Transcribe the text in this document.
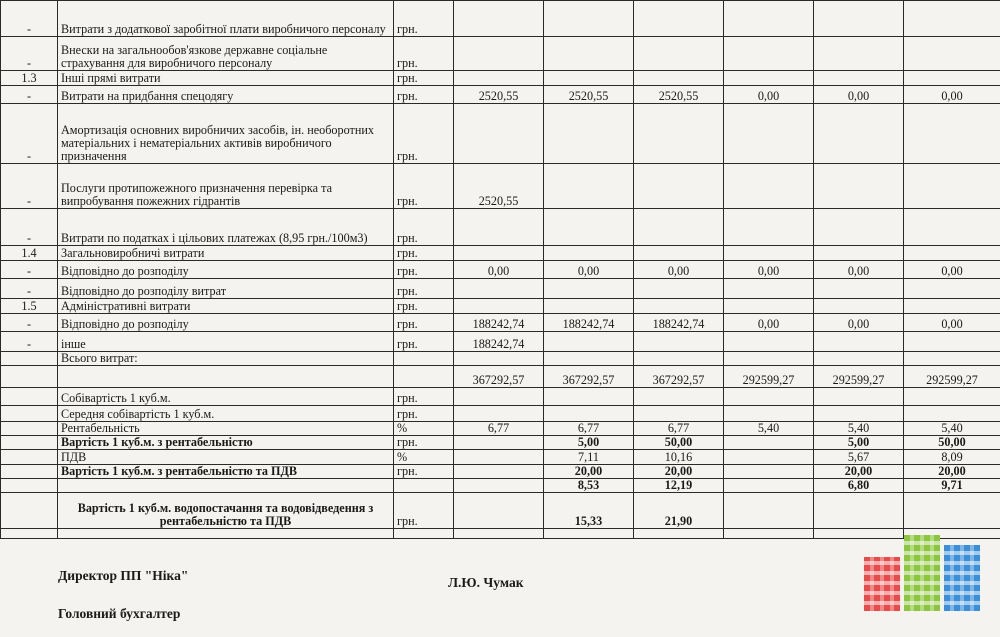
-	Витрати з додаткової заробітної плати виробничого персоналу	грн.						
-	Внески на загальнообов'язкове державне соціальне страхування для виробничого персоналу	грн.						
1.3	Інші прямі витрати	грн.						
-	Витрати на придбання спецодягу	грн.	2520,55	2520,55	2520,55	0,00	0,00	0,00
-	Амортизація основних виробничих засобів, ін. необоротних матеріальних і нематеріальних активів виробничого призначення	грн.						
-	Послуги протипожежного призначення перевірка та випробування пожежних гідрантів	грн.	2520,55					
-	Витрати по податках і цільових платежах (8,95 грн./100м3)	грн.						
1.4	Загальновиробничі витрати	грн.						
-	Відповідно до розподілу	грн.	0,00	0,00	0,00	0,00	0,00	0,00
-	Відповідно до розподілу витрат	грн.						
1.5	Адміністративні витрати	грн.						
-	Відповідно до розподілу	грн.	188242,74	188242,74	188242,74	0,00	0,00	0,00
-	інше	грн.	188242,74					
	Всього витрат:							
			367292,57	367292,57	367292,57	292599,27	292599,27	292599,27
	Собівартість 1 куб.м.	грн.						
	Середня собівартість 1 куб.м.	грн.						
	Рентабельність	%	6,77	6,77	6,77	5,40	5,40	5,40
	Вартість 1 куб.м. з рентабельністю	грн.		5,00	50,00		5,00	50,00
	ПДВ	%		7,11	10,16		5,67	8,09
	Вартість 1 куб.м. з рентабельністю та ПДВ	грн.		20,00	20,00		20,00	20,00
				8,53	12,19		6,80	9,71
	Вартість 1 куб.м. водопостачання та водовідведення з рентабельністю та ПДВ	грн.		15,33	21,90			

Директор ПП "Ніка"	Л.Ю. Чумак
Головний бухгалтер
